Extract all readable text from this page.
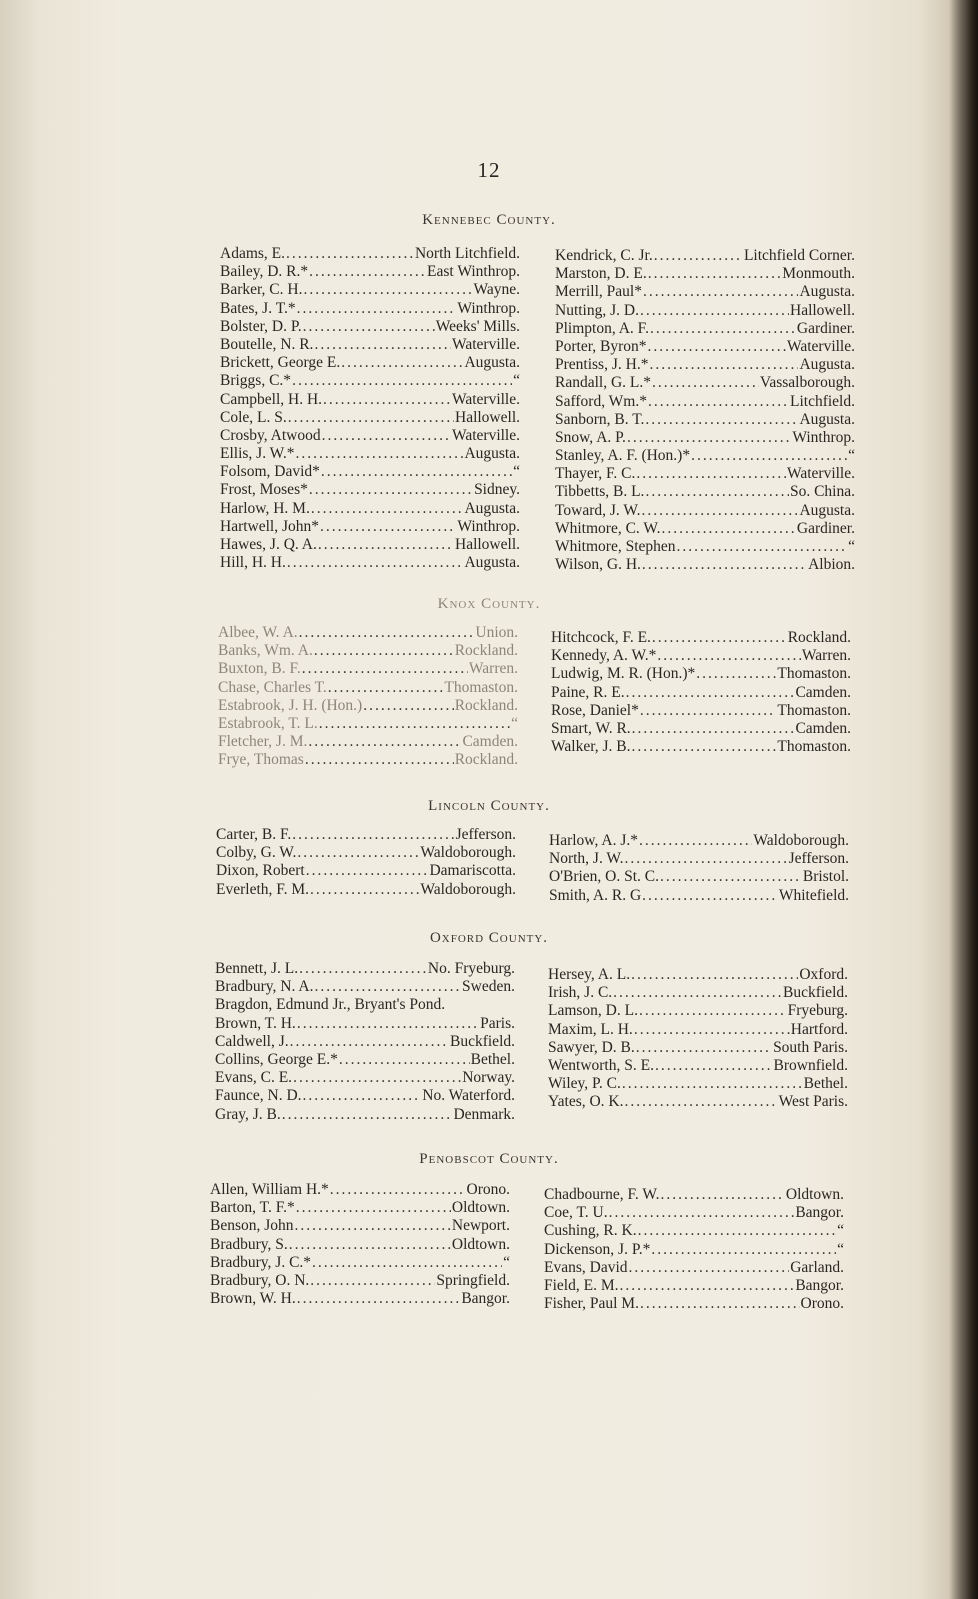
12
Kennebec County.
Adams, E. .....	North Litchfield.
Bailey, D. R.* .....	East Winthrop.
Barker, C. H. .....	Wayne.
Bates, J. T.* .....	Winthrop.
Bolster, D. P. .....	Weeks' Mills.
Boutelle, N. R. .....	Waterville.
Brickett, George E. .....	Augusta.
Briggs, C.* .....	“
Campbell, H. H. .....	Waterville.
Cole, L. S. .....	Hallowell.
Crosby, Atwood .....	Waterville.
Ellis, J. W.* .....	Augusta.
Folsom, David* .....	“
Frost, Moses* .....	Sidney.
Harlow, H. M. .....	Augusta.
Hartwell, John* .....	Winthrop.
Hawes, J. Q. A. .....	Hallowell.
Hill, H. H. .....	Augusta.
Kendrick, C. Jr. .....	Litchfield Corner.
Marston, D. E. .....	Monmouth.
Merrill, Paul* .....	Augusta.
Nutting, J. D. .....	Hallowell.
Plimpton, A. F. .....	Gardiner.
Porter, Byron* .....	Waterville.
Prentiss, J. H.* .....	Augusta.
Randall, G. L.* .....	Vassalborough.
Safford, Wm.* .....	Litchfield.
Sanborn, B. T. .....	Augusta.
Snow, A. P. .....	Winthrop.
Stanley, A. F. (Hon.)* .....	“
Thayer, F. C. .....	Waterville.
Tibbetts, B. L. .....	So. China.
Toward, J. W. .....	Augusta.
Whitmore, C. W. .....	Gardiner.
Whitmore, Stephen .....	“
Wilson, G. H. .....	Albion.
Knox County.
Albee, W. A. .....	Union.
Banks, Wm. A. .....	Rockland.
Buxton, B. F. .....	Warren.
Chase, Charles T. .....	Thomaston.
Estabrook, J. H. (Hon.) .....	Rockland.
Estabrook, T. L. .....	“
Fletcher, J. M. .....	Camden.
Frye, Thomas .....	Rockland.
Hitchcock, F. E. .....	Rockland.
Kennedy, A. W.* .....	Warren.
Ludwig, M. R. (Hon.)* .....	Thomaston.
Paine, R. E. .....	Camden.
Rose, Daniel* .....	Thomaston.
Smart, W. R. .....	Camden.
Walker, J. B. .....	Thomaston.
Lincoln County.
Carter, B. F. .....	Jefferson.
Colby, G. W. .....	Waldoborough.
Dixon, Robert .....	Damariscotta.
Everleth, F. M. .....	Waldoborough.
Harlow, A. J.* .....	Waldoborough.
North, J. W. .....	Jefferson.
O'Brien, O. St. C. .....	Bristol.
Smith, A. R. G .....	Whitefield.
Oxford County.
Bennett, J. L. .....	No. Fryeburg.
Bradbury, N. A. .....	Sweden.
Bragdon, Edmund Jr., Bryant's Pond.
Brown, T. H. .....	Paris.
Caldwell, J. .....	Buckfield.
Collins, George E.* .....	Bethel.
Evans, C. E. .....	Norway.
Faunce, N. D. .....	No. Waterford.
Gray, J. B. .....	Denmark.
Hersey, A. L. .....	Oxford.
Irish, J. C. .....	Buckfield.
Lamson, D. L. .....	Fryeburg.
Maxim, L. H. .....	Hartford.
Sawyer, D. B. .....	South Paris.
Wentworth, S. E. .....	Brownfield.
Wiley, P. C. .....	Bethel.
Yates, O. K. .....	West Paris.
Penobscot County.
Allen, William H.* .....	Orono.
Barton, T. F.* .....	Oldtown.
Benson, John .....	Newport.
Bradbury, S. .....	Oldtown.
Bradbury, J. C.* .....	“
Bradbury, O. N. .....	Springfield.
Brown, W. H. .....	Bangor.
Chadbourne, F. W. .....	Oldtown.
Coe, T. U. .....	Bangor.
Cushing, R. K. .....	“
Dickenson, J. P.* .....	“
Evans, David .....	Garland.
Field, E. M. .....	Bangor.
Fisher, Paul M. .....	Orono.
